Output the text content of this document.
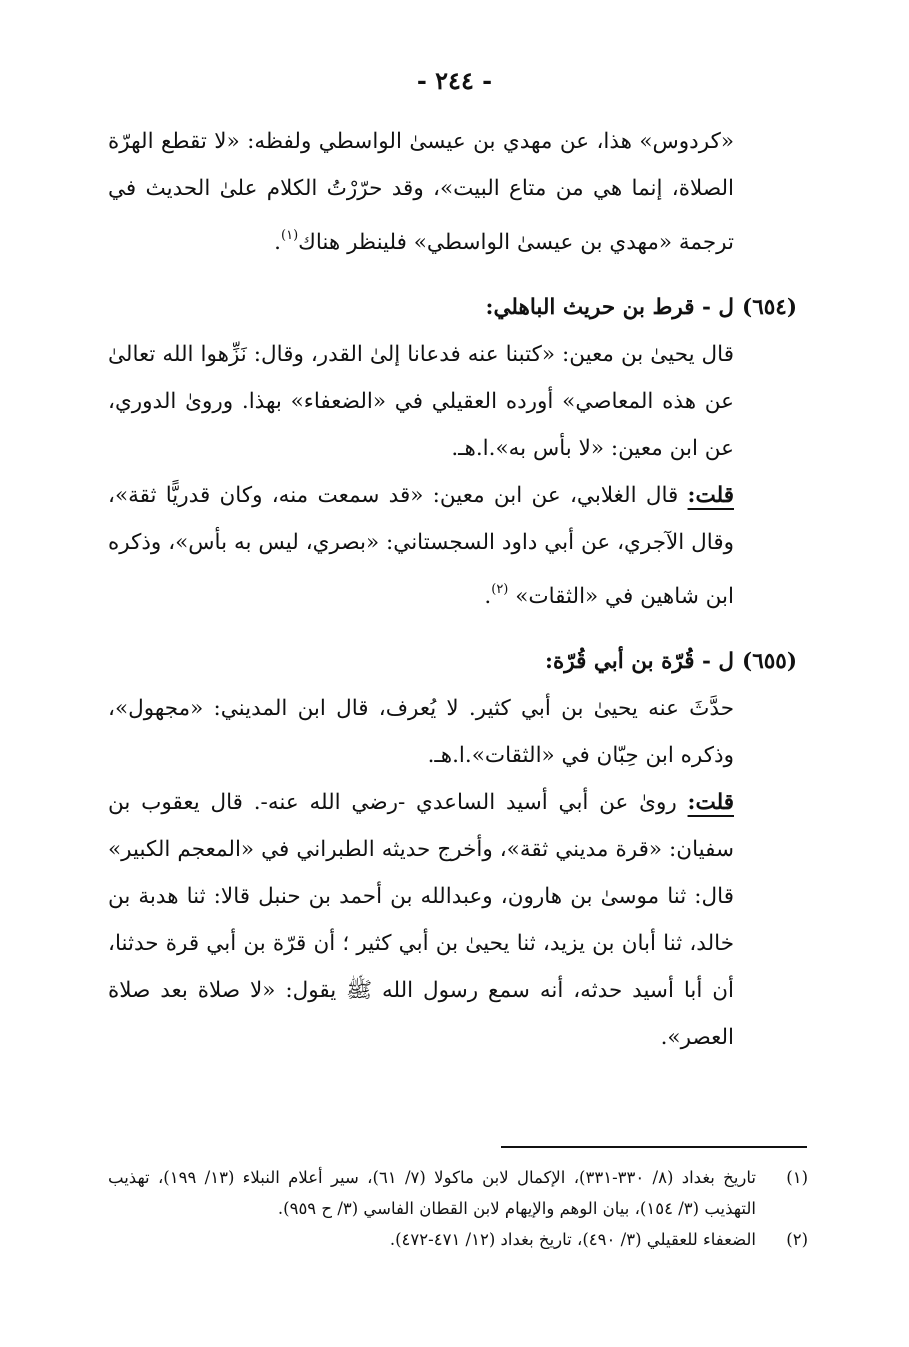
- ٢٤٤ -

«كردوس» هذا، عن مهدي بن عيسىٰ الواسطي ولفظه: «لا تقطع الهرّة الصلاة، إنما هي من متاع البيت»، وقد حرّرْتُ الكلام علىٰ الحديث في ترجمة «مهدي بن عيسىٰ الواسطي» فلينظر هناك$^{(١)}$.

(٦٥٤)
ل - قرط بن حريث الباهلي:

قال يحيىٰ بن معين: «كتبنا عنه فدعانا إلىٰ القدر، وقال: نَزِّهوا الله تعالىٰ عن هذه المعاصي» أورده العقيلي في «الضعفاء» بهذا. وروىٰ الدوري، عن ابن معين: «لا بأس به».ا.هـ.

قلت: قال الغلابي، عن ابن معين: «قد سمعت منه، وكان قدريًّا ثقة»، وقال الآجري، عن أبي داود السجستاني: «بصري، ليس به بأس»، وذكره ابن شاهين في «الثقات» $^{(٢)}$.

(٦٥٥)
ل - قُرّة بن أبي قُرّة:

حدَّثَ عنه يحيىٰ بن أبي كثير. لا يُعرف، قال ابن المديني: «مجهول»، وذكره ابن حِبّان في «الثقات».ا.هـ.

قلت: روىٰ عن أبي أسيد الساعدي -رضي الله عنه-. قال يعقوب بن سفيان: «قرة مديني ثقة»، وأخرج حديثه الطبراني في «المعجم الكبير» قال: ثنا موسىٰ بن هارون، وعبدالله بن أحمد بن حنبل قالا: ثنا هدبة بن خالد، ثنا أبان بن يزيد، ثنا يحيىٰ بن أبي كثير ؛ أن قرّة بن أبي قرة حدثنا، أن أبا أسيد حدثه، أنه سمع رسول الله ﷺ يقول: «لا صلاة بعد صلاة العصر».

(١)
تاريخ بغداد (٨/ ٣٣٠-٣٣١)، الإكمال لابن ماكولا (٧/ ٦١)، سير أعلام النبلاء (١٣/ ١٩٩)، تهذيب التهذيب (٣/ ١٥٤)، بيان الوهم والإيهام لابن القطان الفاسي (٣/ ح ٩٥٩).

(٢)
الضعفاء للعقيلي (٣/ ٤٩٠)، تاريخ بغداد (١٢/ ٤٧١-٤٧٢).
